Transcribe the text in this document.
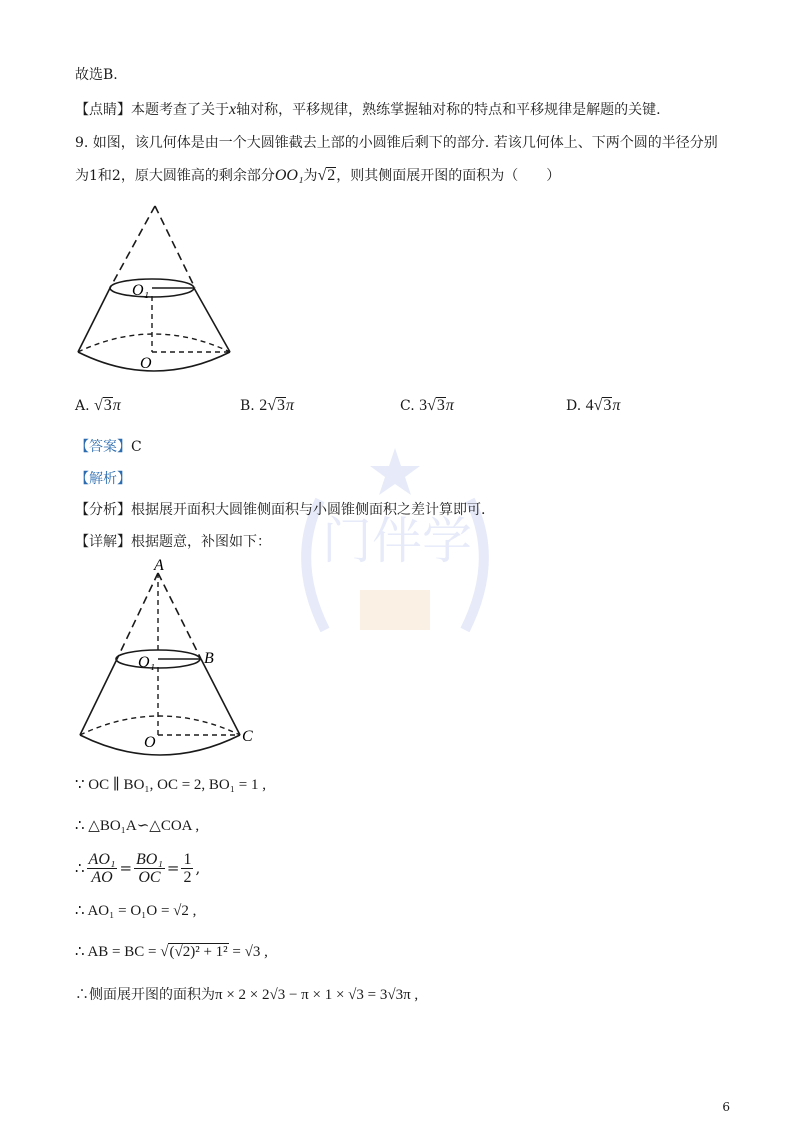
门伴学
故选B.
【点睛】本题考查了关于x轴对称，平移规律，熟练掌握轴对称的特点和平移规律是解题的关键.
9. 如图，该几何体是由一个大圆锥截去上部的小圆锥后剩下的部分. 若该几何体上、下两个圆的半径分别
为1和2，原大圆锥高的剩余部分OO₁为√2，则其侧面展开图的面积为（　　）
O₁
O
A. √3π	B. 2√3π	C. 3√3π	D. 4√3π
【答案】C
【解析】
【分析】根据展开面积大圆锥侧面积与小圆锥侧面积之差计算即可.
【详解】根据题意，补图如下：
A
B
C
O₁
O
∵ OC ∥ BO₁, OC = 2, BO₁ = 1 ,
∴ △BO₁A∽△COA ,
∴ $\frac{\text{AO₁}}{AO} = \frac{\text{BO₁}}{OC} = \frac{1}{2}$ ,
∴ AO₁ = O₁O = √2 ,
∴ AB = BC = √(√2)² + 1² = √3 ,
∴侧面展开图的面积为π × 2 × 2√3 − π × 1 × √3 = 3√3π ,
6
